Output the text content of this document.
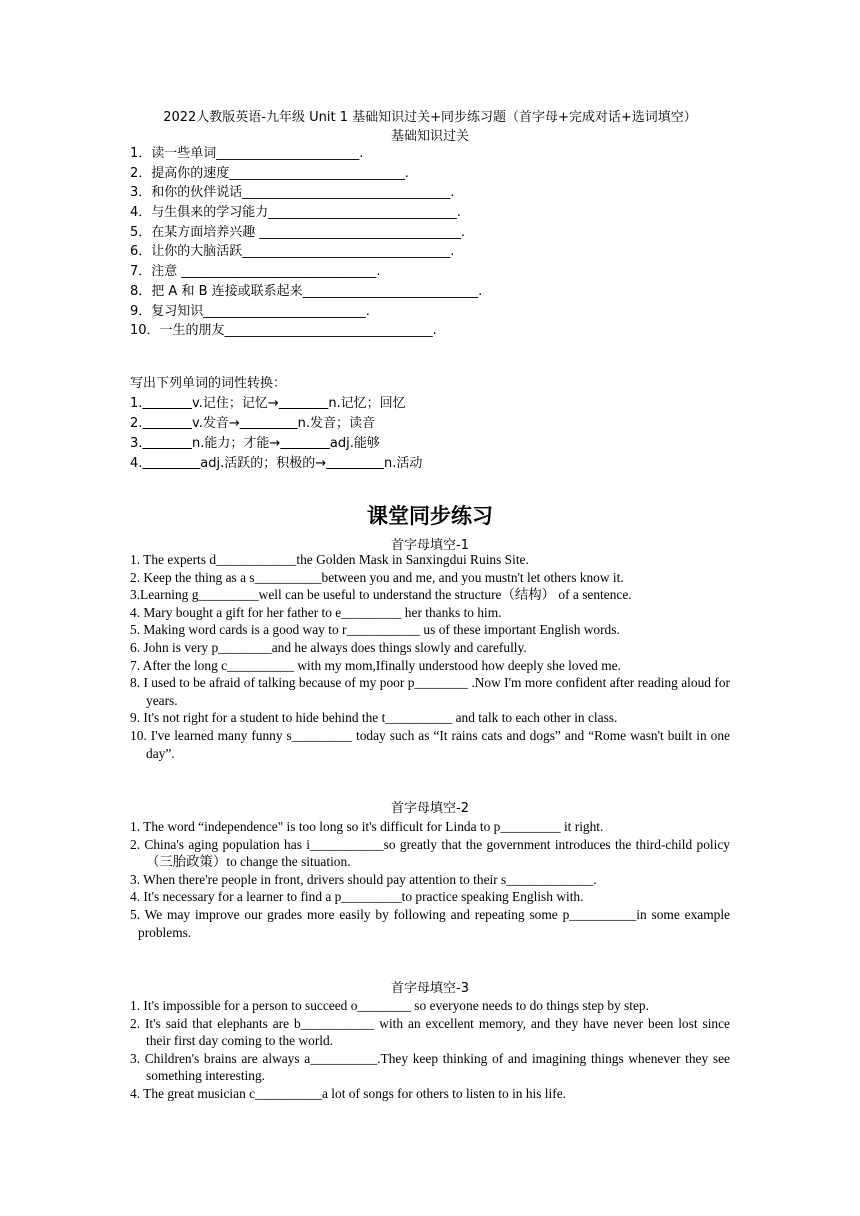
2022人教版英语-九年级 Unit 1 基础知识过关+同步练习题（首字母+完成对话+选词填空）
基础知识过关
1．读一些单词______________________.
2．提高你的速度___________________________.
3．和你的伙伴说话________________________________.
4．与生俱来的学习能力_____________________________.
5．在某方面培养兴趣 _______________________________.
6．让你的大脑活跃________________________________.
7．注意 ______________________________.
8．把 A 和 B 连接或联系起来___________________________.
9．复习知识_________________________.
10．一生的朋友________________________________.
写出下列单词的词性转换：
1.	v.记住；记忆→	n.记忆；回忆
2.	v.发音→	n.发音；读音
3.	n.能力；才能→	adj.能够
4.	adj.活跃的；积极的→	n.活动
课堂同步练习
首字母填空-1
1. The experts d____________the Golden Mask in Sanxingdui Ruins Site.
2. Keep the thing as a s__________between you and me, and you mustn't let others know it.
3.Learning g_________well can be useful to understand the structure（结构） of a sentence.
4. Mary bought a gift for her father to e_________ her thanks to him.
5. Making word cards is a good way to r___________ us of these important English words.
6. John is very p________and he always does things slowly and carefully.
7. After the long c__________ with my mom,Ifinally understood how deeply she loved me.
8. I used to be afraid of talking because of my poor p________ .Now I'm more confident after reading aloud for years.
9. It's not right for a student to hide behind the t__________ and talk to each other in class.
10. I've learned many funny s_________ today such as “It rains cats and dogs” and “Rome wasn't built in one day”.
首字母填空-2
1. The word “independence" is too long so it's difficult for Linda to p_________ it right.
2. China's aging population has i___________so greatly that the government introduces the third-child policy（三胎政策）to change the situation.
3. When there're people in front, drivers should pay attention to their s_____________.
4. It's necessary for a learner to find a p_________to practice speaking English with.
5. We may improve our grades more easily by following and repeating some p__________in some example problems.
首字母填空-3
1. It's impossible for a person to succeed o________ so everyone needs to do things step by step.
2. It's said that elephants are b___________ with an excellent memory, and they have never been lost since their first day coming to the world.
3. Children's brains are always a__________.They keep thinking of and imagining things whenever they see something interesting.
4. The great musician c__________a lot of songs for others to listen to in his life.
